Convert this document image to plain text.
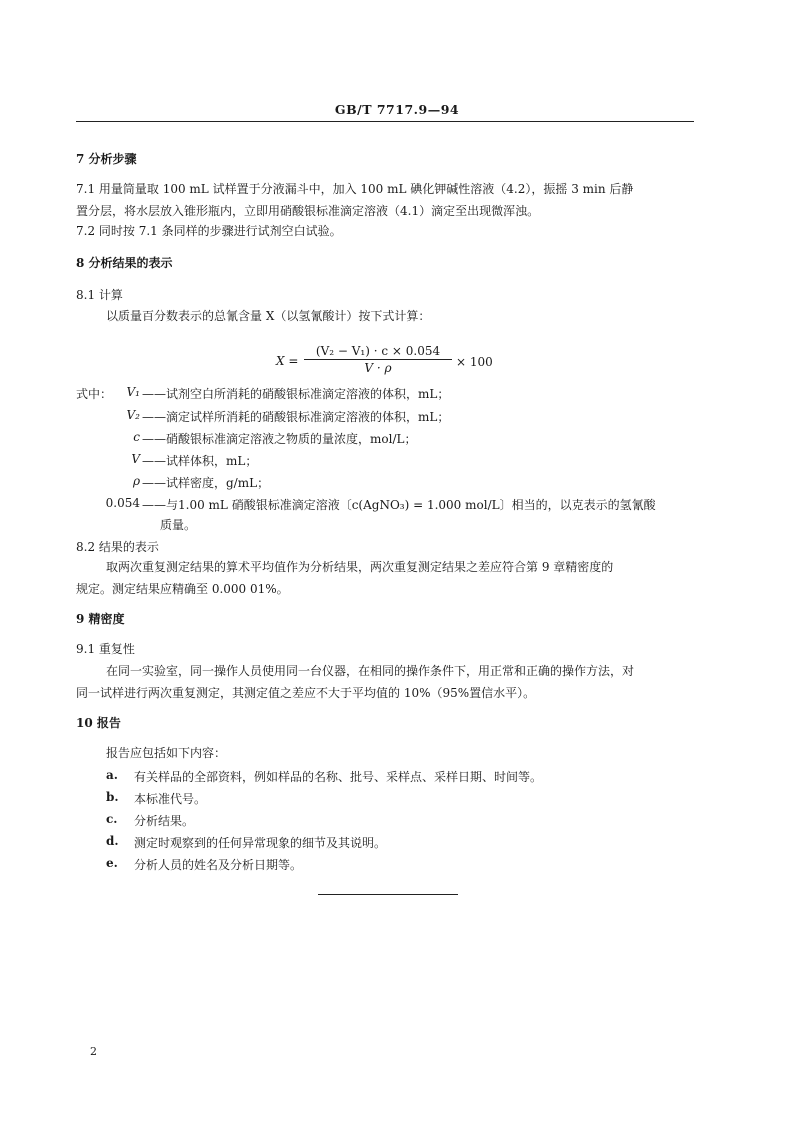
GB/T 7717.9—94
7 分析步骤
7.1 用量筒量取 100 mL 试样置于分液漏斗中，加入 100 mL 碘化钾碱性溶液（4.2），振摇 3 min 后静
置分层，将水层放入锥形瓶内，立即用硝酸银标准滴定溶液（4.1）滴定至出现微浑浊。
7.2 同时按 7.1 条同样的步骤进行试剂空白试验。
8 分析结果的表示
8.1 计算
以质量百分数表示的总氰含量 X（以氢氰酸计）按下式计算：
X =
(V₂ − V₁) · c × 0.054
V · ρ	× 100
式中：	V₁ ——试剂空白所消耗的硝酸银标准滴定溶液的体积，mL；
V₂ ——滴定试样所消耗的硝酸银标准滴定溶液的体积，mL；
c ——硝酸银标准滴定溶液之物质的量浓度，mol/L；
V ——试样体积，mL；
ρ ——试样密度，g/mL；
0.054 ——与1.00 mL 硝酸银标准滴定溶液〔c(AgNO₃) = 1.000 mol/L〕相当的，以克表示的氢氰酸
质量。
8.2 结果的表示
取两次重复测定结果的算术平均值作为分析结果，两次重复测定结果之差应符合第 9 章精密度的
规定。测定结果应精确至 0.000 01%。
9 精密度
9.1 重复性
在同一实验室，同一操作人员使用同一台仪器，在相同的操作条件下，用正常和正确的操作方法，对
同一试样进行两次重复测定，其测定值之差应不大于平均值的 10%（95%置信水平）。
10 报告
报告应包括如下内容：
a. 有关样品的全部资料，例如样品的名称、批号、采样点、采样日期、时间等。
b. 本标准代号。
c. 分析结果。
d. 测定时观察到的任何异常现象的细节及其说明。
e. 分析人员的姓名及分析日期等。
2
